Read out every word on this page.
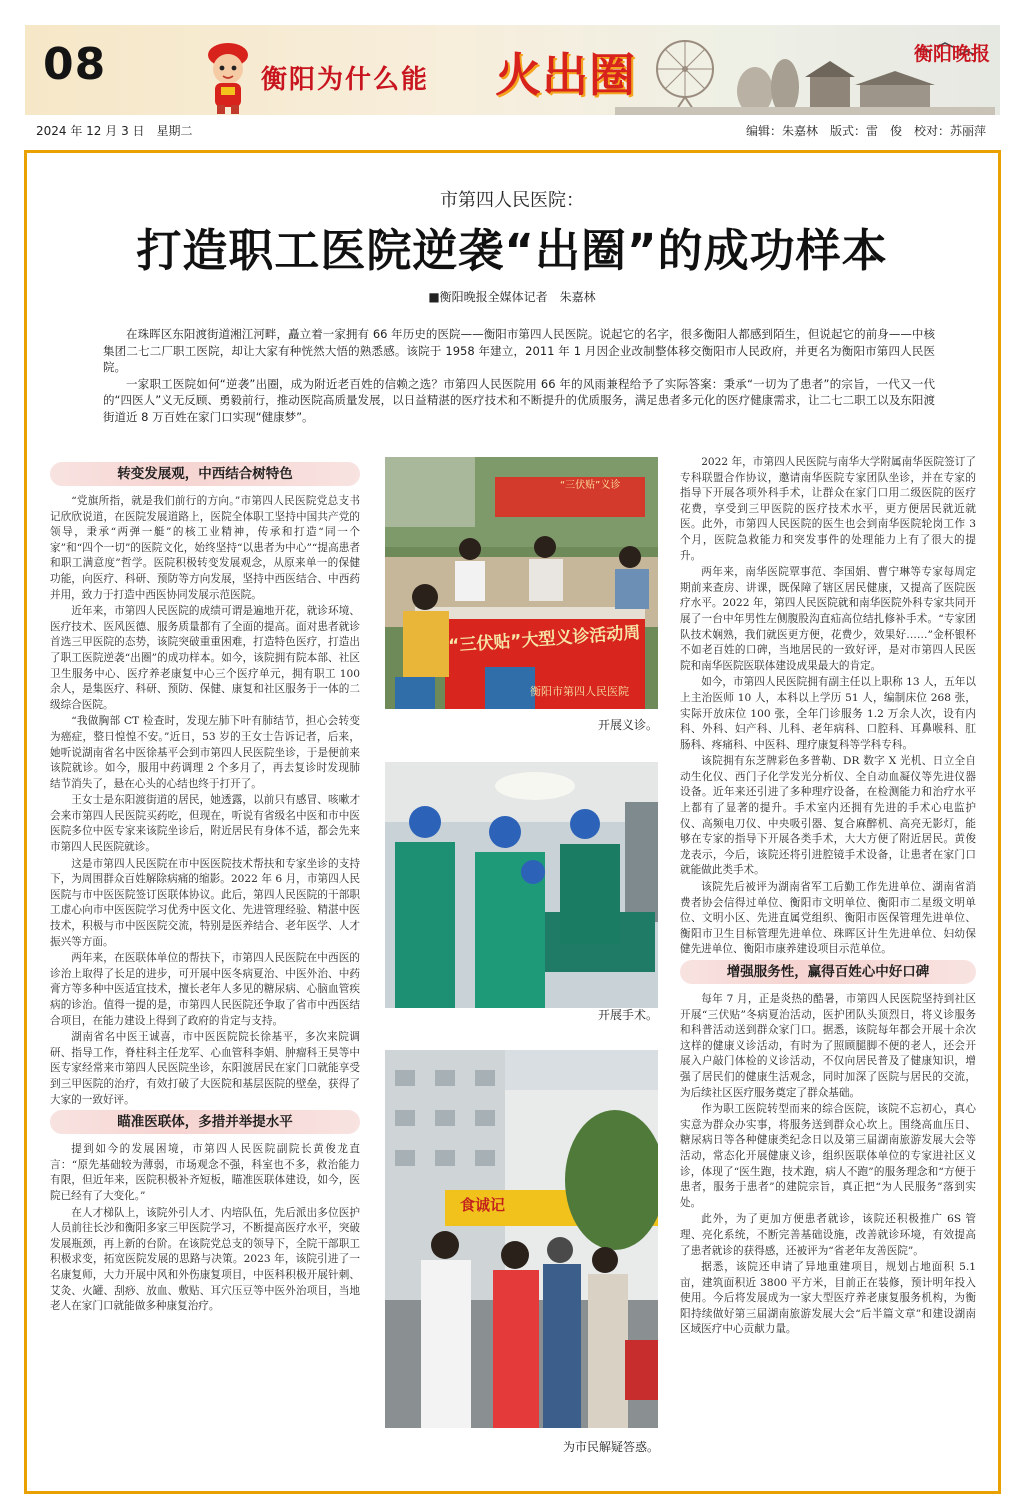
08	衡阳为什么能 火出圈	衡阳晚报
2024 年 12 月 3 日　星期二	编辑：朱嘉林　版式：雷　俊　校对：苏丽萍
市第四人民医院：
打造职工医院逆袭“出圈”的成功样本
■衡阳晚报全媒体记者　朱嘉林

在珠晖区东阳渡街道湘江河畔，矗立着一家拥有 66 年历史的医院——衡阳市第四人民医院。说起它的名字，很多衡阳人都感到陌生，但说起它的前身——中核集团二七二厂职工医院，却让大家有种恍然大悟的熟悉感。该院于 1958 年建立，2011 年 1 月因企业改制整体移交衡阳市人民政府，并更名为衡阳市第四人民医院。

一家职工医院如何“逆袭”出圈，成为附近老百姓的信赖之选？市第四人民医院用 66 年的风雨兼程给予了实际答案：秉承“一切为了患者”的宗旨，一代又一代的“四医人”义无反顾、勇毅前行，推动医院高质量发展，以日益精湛的医疗技术和不断提升的优质服务，满足患者多元化的医疗健康需求，让二七二职工以及东阳渡街道近 8 万百姓在家门口实现“健康梦”。

转变发展观，中西结合树特色

“党旗所指，就是我们前行的方向。”市第四人民医院党总支书记欣欣说道，在医院发展道路上，医院全体职工坚持中国共产党的领导，秉承“两弹一艇”的核工业精神，传承和打造“同一个家”和“四个一切”的医院文化，始终坚持“以患者为中心”“提高患者和职工满意度”哲学。医院积极转变发展观念，从原来单一的保健功能，向医疗、科研、预防等方向发展，坚持中西医结合、中西药并用，致力于打造中西医协同发展示范医院。

近年来，市第四人民医院的成绩可谓是遍地开花，就诊环境、医疗技术、医风医德、服务质量都有了全面的提高。面对患者就诊首选三甲医院的态势，该院突破重重困难，打造特色医疗，打造出了职工医院逆袭“出圈”的成功样本。如今，该院拥有院本部、社区卫生服务中心、医疗养老康复中心三个医疗单元，拥有职工 100 余人，是集医疗、科研、预防、保健、康复和社区服务于一体的二级综合医院。

“我做胸部 CT 检查时，发现左肺下叶有肺结节，担心会转变为癌症，整日惶惶不安。”近日，53 岁的王女士告诉记者，后来，她听说湖南省名中医徐基平会到市第四人民医院坐诊，于是便前来该院就诊。如今，服用中药调理 2 个多月了，再去复诊时发现肺结节消失了，悬在心头的心结也终于打开了。

王女士是东阳渡街道的居民，她透露，以前只有感冒、咳嗽才会来市第四人民医院买药吃，但现在，听说有省级名中医和市中医医院多位中医专家来该院坐诊后，附近居民有身体不适，都会先来市第四人民医院就诊。

这是市第四人民医院在市中医医院技术帮扶和专家坐诊的支持下，为周围群众百姓解除病痛的缩影。2022 年 6 月，市第四人民医院与市中医医院签订医联体协议。此后，第四人民医院的干部职工虚心向市中医医院学习优秀中医文化、先进管理经验、精湛中医技术，积极与市中医医院交流，特别是医养结合、老年医学、人才振兴等方面。

两年来，在医联体单位的帮扶下，市第四人民医院在中西医的诊治上取得了长足的进步，可开展中医冬病夏治、中医外治、中药膏方等多种中医适宜技术，擅长老年人多见的糖尿病、心脑血管疾病的诊治。值得一提的是，市第四人民医院还争取了省市中西医结合项目，在能力建设上得到了政府的肯定与支持。

湖南省名中医王诚喜，市中医医院院长徐基平，多次来院调研、指导工作，脊柱科主任龙军、心血管科李娟、肿瘤科王昊等中医专家经常来市第四人民医院坐诊，东阳渡居民在家门口就能享受到三甲医院的治疗，有效打破了大医院和基层医院的壁垒，获得了大家的一致好评。

瞄准医联体，多措并举提水平

提到如今的发展困境，市第四人民医院副院长黄俊龙直言：“原先基础较为薄弱，市场观念不强，科室也不多，救治能力有限，但近年来，医院积极补齐短板，瞄准医联体建设，如今，医院已经有了大变化。”

在人才梯队上，该院外引人才、内培队伍，先后派出多位医护人员前往长沙和衡阳多家三甲医院学习，不断提高医疗水平，突破发展瓶颈，再上新的台阶。在该院党总支的领导下，全院干部职工积极求变，拓宽医院发展的思路与决策。2023 年，该院引进了一名康复师，大力开展中风和外伤康复项目，中医科积极开展针刺、艾灸、火罐、刮痧、放血、敷贴、耳穴压豆等中医外治项目，当地老人在家门口就能做多种康复治疗。

“三伏贴”大型义诊活动周
衡阳市第四人民医院
“三伏贴”义诊
开展义诊。
开展手术。
食诚记
为市民解疑答惑。

2022 年，市第四人民医院与南华大学附属南华医院签订了专科联盟合作协议，邀请南华医院专家团队坐诊，并在专家的指导下开展各项外科手术，让群众在家门口用二级医院的医疗花费，享受到三甲医院的医疗技术水平，更方便居民就近就医。此外，市第四人民医院的医生也会到南华医院轮岗工作 3 个月，医院急救能力和突发事件的处理能力上有了很大的提升。

两年来，南华医院覃事范、李国娟、曹宁琳等专家每周定期前来查房、讲课，既保障了辖区居民健康，又提高了医院医疗水平。2022 年，第四人民医院就和南华医院外科专家共同开展了一台中年男性左侧腹股沟直疝高位结扎修补手术。“专家团队技术娴熟，我们就医更方便，花费少，效果好……”金杯银杯不如老百姓的口碑，当地居民的一致好评，是对市第四人民医院和南华医院医联体建设成果最大的肯定。

如今，市第四人民医院拥有副主任以上职称 13 人，五年以上主治医师 10 人，本科以上学历 51 人，编制床位 268 张，实际开放床位 100 张，全年门诊服务 1.2 万余人次，设有内科、外科、妇产科、儿科、老年病科、口腔科、耳鼻喉科、肛肠科、疼痛科、中医科、理疗康复科等学科专科。

该院拥有东芝牌彩色多普勒、DR 数字 X 光机、日立全自动生化仪、西门子化学发光分析仪、全自动血凝仪等先进仪器设备。近年来还引进了多种理疗设备，在检测能力和治疗水平上都有了显著的提升。手术室内还拥有先进的手术心电监护仪、高频电刀仪、中央吸引器、复合麻醉机、高亮无影灯，能够在专家的指导下开展各类手术，大大方便了附近居民。黄俊龙表示，今后，该院还将引进腔镜手术设备，让患者在家门口就能做此类手术。

该院先后被评为湖南省军工后勤工作先进单位、湖南省消费者协会信得过单位、衡阳市文明单位、衡阳市二星级文明单位、文明小区、先进直属党组织、衡阳市医保管理先进单位、衡阳市卫生目标管理先进单位、珠晖区计生先进单位、妇幼保健先进单位、衡阳市康养建设项目示范单位。

增强服务性，赢得百姓心中好口碑

每年 7 月，正是炎热的酷暑，市第四人民医院坚持到社区开展“三伏贴”冬病夏治活动，医护团队头顶烈日，将义诊服务和科普活动送到群众家门口。据悉，该院每年都会开展十余次这样的健康义诊活动，有时为了照顾腿脚不便的老人，还会开展入户敲门体检的义诊活动，不仅向居民普及了健康知识，增强了居民们的健康生活观念，同时加深了医院与居民的交流，为后续社区医疗服务奠定了群众基础。

作为职工医院转型而来的综合医院，该院不忘初心，真心实意为群众办实事，将服务送到群众心坎上。围绕高血压日、糖尿病日等各种健康类纪念日以及第三届湖南旅游发展大会等活动，常态化开展健康义诊，组织医联体单位的专家进社区义诊，体现了“医生跑，技术跑，病人不跑”的服务理念和“方便于患者，服务于患者”的建院宗旨，真正把“为人民服务”落到实处。

此外，为了更加方便患者就诊，该院还积极推广 6S 管理、亮化系统，不断完善基础设施，改善就诊环境，有效提高了患者就诊的获得感，还被评为“省老年友善医院”。

据悉，该院还申请了异地重建项目，规划占地面积 5.1 亩，建筑面积近 3800 平方米，目前正在装修，预计明年投入使用。今后将发展成为一家大型医疗养老康复服务机构，为衡阳持续做好第三届湖南旅游发展大会“后半篇文章”和建设湖南区域医疗中心贡献力量。
